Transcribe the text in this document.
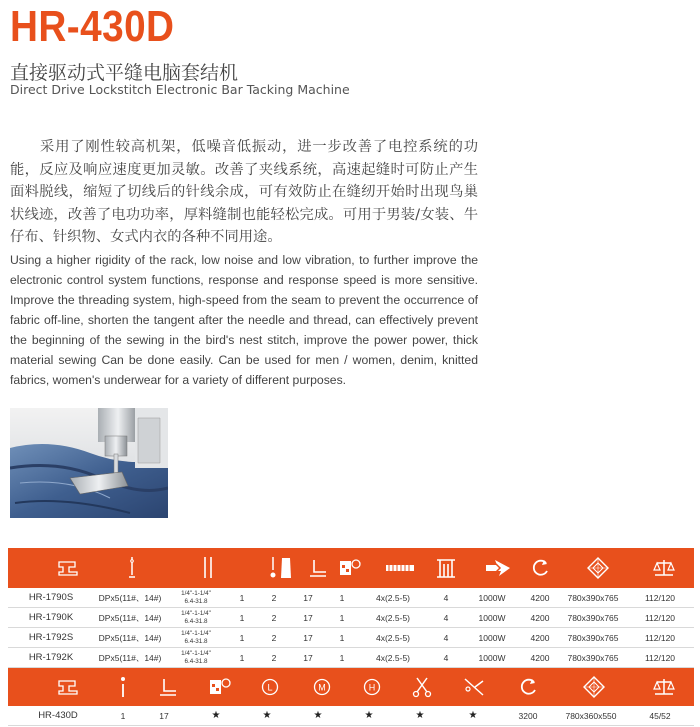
HR-430D
直接驱动式平缝电脑套结机
Direct Drive Lockstitch Electronic Bar Tacking Machine

采用了刚性较高机架，低噪音低振动，进一步改善了电控系统的功能，反应及响应速度更加灵敏。改善了夹线系统，高速起缝时可防止产生面料脱线，缩短了切线后的针线余成，可有效防止在缝纫开始时出现鸟巢状线迹，改善了电功功率，厚料缝制也能轻松完成。可用于男装/女装、牛仔布、针织物、女式内衣的各种不同用途。

Using a higher rigidity of the rack, low noise and low vibration, to further improve the electronic control system functions, response and response speed is more sensitive. Improve the threading system, high-speed from the seam to prevent the occurrence of fabric off-line, shorten the tangent after the needle and thread, can effectively prevent the beginning of the sewing in the bird's nest stitch, improve the power power, thick material sewing Can be done easily. Can be used for men / women, denim, knitted fabrics, women's underwear for a variety of different purposes.

HR-1790S	DPx5(11#、14#)	1/4"-1-1/4"
6.4-31.8	1	2	17	1	4x(2.5-5)	4	1000W	4200	780x390x765	112/120
HR-1790K	DPx5(11#、14#)	1/4"-1-1/4"
6.4-31.8	1	2	17	1	4x(2.5-5)	4	1000W	4200	780x390x765	112/120
HR-1792S	DPx5(11#、14#)	1/4"-1-1/4"
6.4-31.8	1	2	17	1	4x(2.5-5)	4	1000W	4200	780x390x765	112/120
HR-1792K	DPx5(11#、14#)	1/4"-1-1/4"
6.4-31.8	1	2	17	1	4x(2.5-5)	4	1000W	4200	780x390x765	112/120
L	M	H
HR-430D	1	17	★	★	★	★	★	★	3200	780x360x550	45/52
